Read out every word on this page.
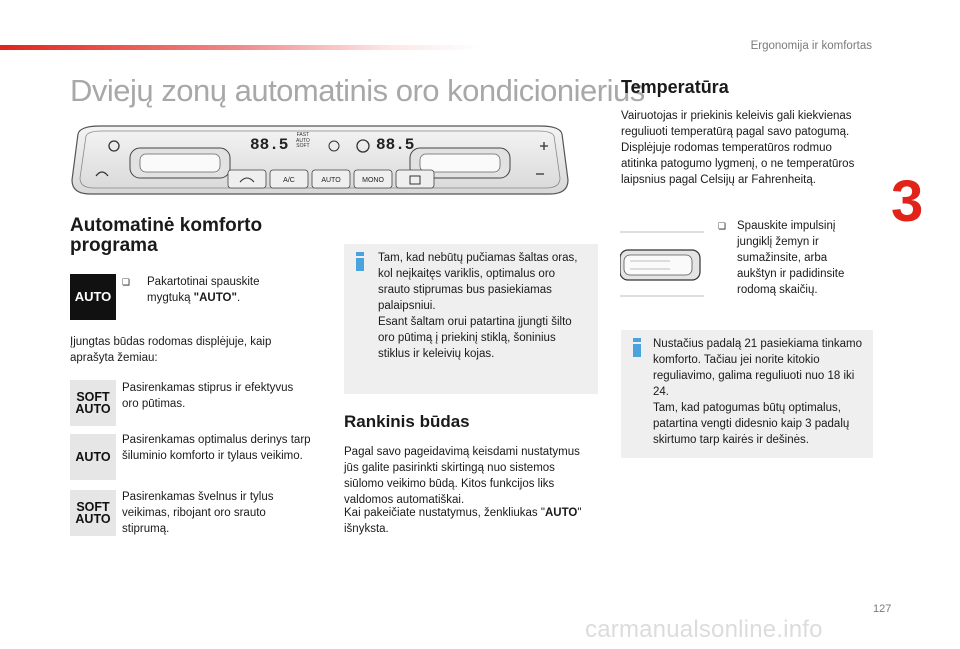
Ergonomija ir komfortas
3
127
carmanualsonline.info
Dviejų zonų automatinis oro kondicionierius
88.5	88.5
FAST
AUTO
SOFT
A/C	AUTO	MONO
Automatinė komforto
programa
AUTO
❏ Pakartotinai spauskite mygtuką "AUTO".
Įjungtas būdas rodomas displėjuje, kaip aprašyta žemiau:
SOFT
AUTO
Pasirenkamas stiprus ir efektyvus oro pūtimas.
AUTO
Pasirenkamas optimalus derinys tarp šiluminio komforto ir tylaus veikimo.
SOFT
AUTO
Pasirenkamas švelnus ir tylus veikimas, ribojant oro srauto stiprumą.
Tam, kad nebūtų pučiamas šaltas oras, kol neįkaitęs variklis, optimalus oro srauto stiprumas bus pasiekiamas palaipsniui.
Esant šaltam orui patartina įjungti šilto oro pūtimą į priekinį stiklą, šoninius stiklus ir keleivių kojas.
Rankinis būdas
Pagal savo pageidavimą keisdami nustatymus jūs galite pasirinkti skirtingą nuo sistemos siūlomo veikimo būdą. Kitos funkcijos liks valdomos automatiškai.
Kai pakeičiate nustatymus, ženkliukas "AUTO" išnyksta.
Temperatūra
Vairuotojas ir priekinis keleivis gali kiekvienas reguliuoti temperatūrą pagal savo patogumą. Displėjuje rodomas temperatūros rodmuo atitinka patogumo lygmenį, o ne temperatūros laipsnius pagal Celsijų ar Fahrenheitą.
❏ Spauskite impulsinį jungiklį žemyn ir sumažinsite, arba aukštyn ir padidinsite rodomą skaičių.
Nustačius padalą 21 pasiekiama tinkamo komforto. Tačiau jei norite kitokio reguliavimo, galima reguliuoti nuo 18 iki 24.
Tam, kad patogumas būtų optimalus, patartina vengti didesnio kaip 3 padalų skirtumo tarp kairės ir dešinės.
